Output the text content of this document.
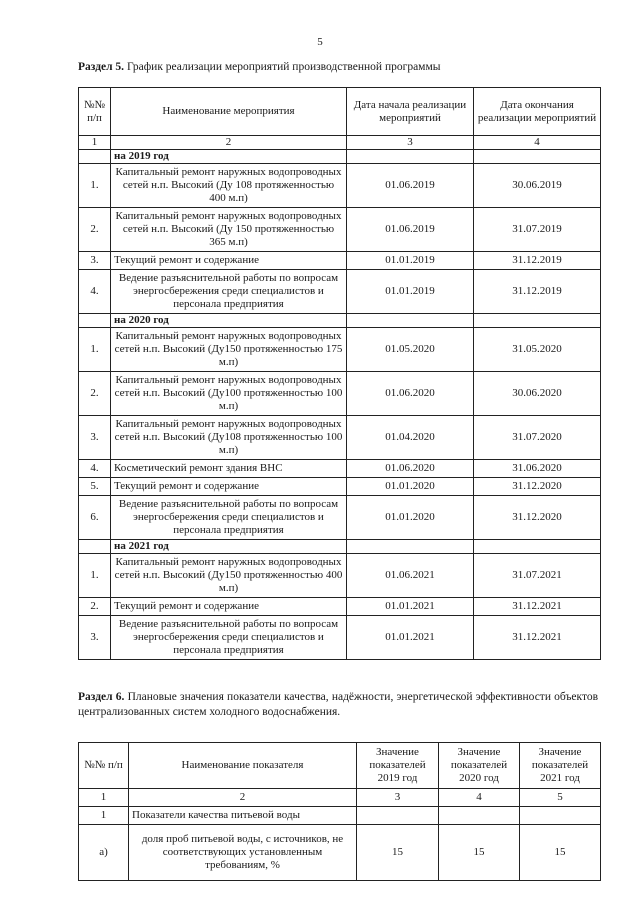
5
Раздел 5. График реализации мероприятий производственной программы
№№ п/п	Наименование мероприятия	Дата начала реализации мероприятий	Дата окончания реализации мероприятий
1	2	3	4
	на 2019 год		
1.	Капитальный ремонт наружных водопроводных сетей н.п. Высокий (Ду 108 протяженностью 400 м.п)	01.06.2019	30.06.2019
2.	Капитальный ремонт наружных водопроводных сетей н.п. Высокий (Ду 150 протяженностью 365 м.п)	01.06.2019	31.07.2019
3.	Текущий ремонт и содержание	01.01.2019	31.12.2019
4.	Ведение разъяснительной работы по вопросам энергосбережения среди специалистов и персонала предприятия	01.01.2019	31.12.2019
	на 2020 год		
1.	Капитальный ремонт наружных водопроводных сетей н.п. Высокий (Ду150 протяженностью 175 м.п)	01.05.2020	31.05.2020
2.	Капитальный ремонт наружных водопроводных сетей н.п. Высокий (Ду100 протяженностью 100 м.п)	01.06.2020	30.06.2020
3.	Капитальный ремонт наружных водопроводных сетей н.п. Высокий (Ду108 протяженностью 100 м.п)	01.04.2020	31.07.2020
4.	Косметический ремонт здания ВНС	01.06.2020	31.06.2020
5.	Текущий ремонт и содержание	01.01.2020	31.12.2020
6.	Ведение разъяснительной работы по вопросам энергосбережения среди специалистов и персонала предприятия	01.01.2020	31.12.2020
	на 2021 год		
1.	Капитальный ремонт наружных водопроводных сетей н.п. Высокий (Ду150 протяженностью 400 м.п)	01.06.2021	31.07.2021
2.	Текущий ремонт и содержание	01.01.2021	31.12.2021
3.	Ведение разъяснительной работы по вопросам энергосбережения среди специалистов и персонала предприятия	01.01.2021	31.12.2021
Раздел 6. Плановые значения показатели качества, надёжности, энергетической эффективности объектов централизованных систем холодного водоснабжения.
№№ п/п	Наименование показателя	Значение показателей 2019 год	Значение показателей 2020 год	Значение показателей 2021 год
1	2	3	4	5
1	Показатели качества питьевой воды			
а)	доля проб питьевой воды, с источников, не соответствующих установленным требованиям, %	15	15	15
